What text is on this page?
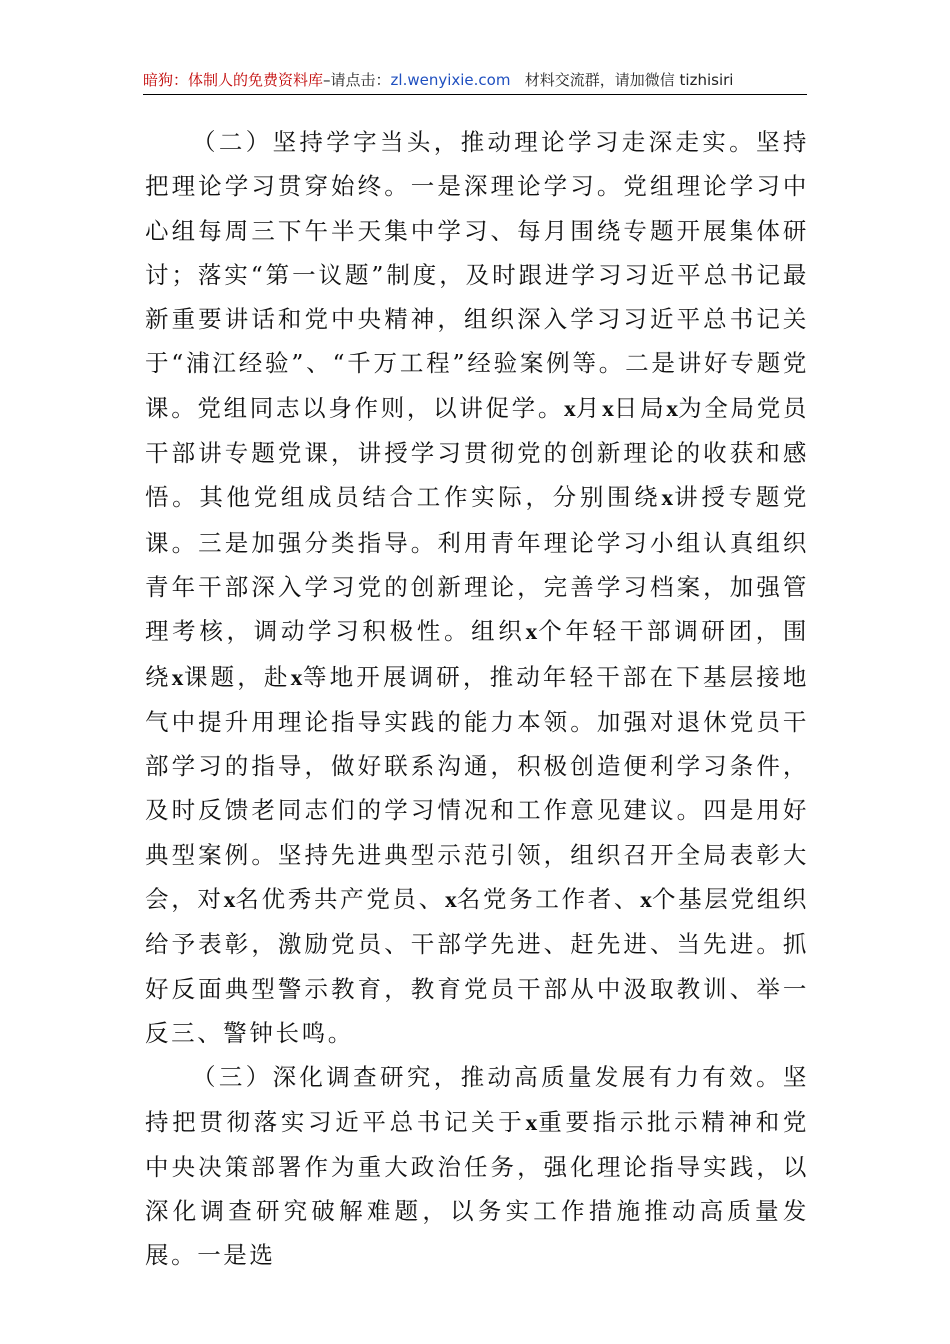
暗狗：体制人的免费资料库–请点击：zl.wenyixie.com 材料交流群，请加微信 tizhisiri

（二）坚持学字当头，推动理论学习走深走实。坚持把理论学习贯穿始终。一是深理论学习。党组理论学习中心组每周三下午半天集中学习、每月围绕专题开展集体研讨；落实“第一议题”制度，及时跟进学习习近平总书记最新重要讲话和党中央精神，组织深入学习习近平总书记关于“浦江经验”、“千万工程”经验案例等。二是讲好专题党课。党组同志以身作则，以讲促学。x月x日局x为全局党员干部讲专题党课，讲授学习贯彻党的创新理论的收获和感悟。其他党组成员结合工作实际，分别围绕x讲授专题党课。三是加强分类指导。利用青年理论学习小组认真组织青年干部深入学习党的创新理论，完善学习档案，加强管理考核，调动学习积极性。组织x个年轻干部调研团，围绕x课题，赴x等地开展调研，推动年轻干部在下基层接地气中提升用理论指导实践的能力本领。加强对退休党员干部学习的指导，做好联系沟通，积极创造便利学习条件，及时反馈老同志们的学习情况和工作意见建议。四是用好典型案例。坚持先进典型示范引领，组织召开全局表彰大会，对x名优秀共产党员、x名党务工作者、x个基层党组织给予表彰，激励党员、干部学先进、赶先进、当先进。抓好反面典型警示教育，教育党员干部从中汲取教训、举一反三、警钟长鸣。

（三）深化调查研究，推动高质量发展有力有效。坚持把贯彻落实习近平总书记关于x重要指示批示精神和党中央决策部署作为重大政治任务，强化理论指导实践，以深化调查研究破解难题，以务实工作措施推动高质量发展。一是选
